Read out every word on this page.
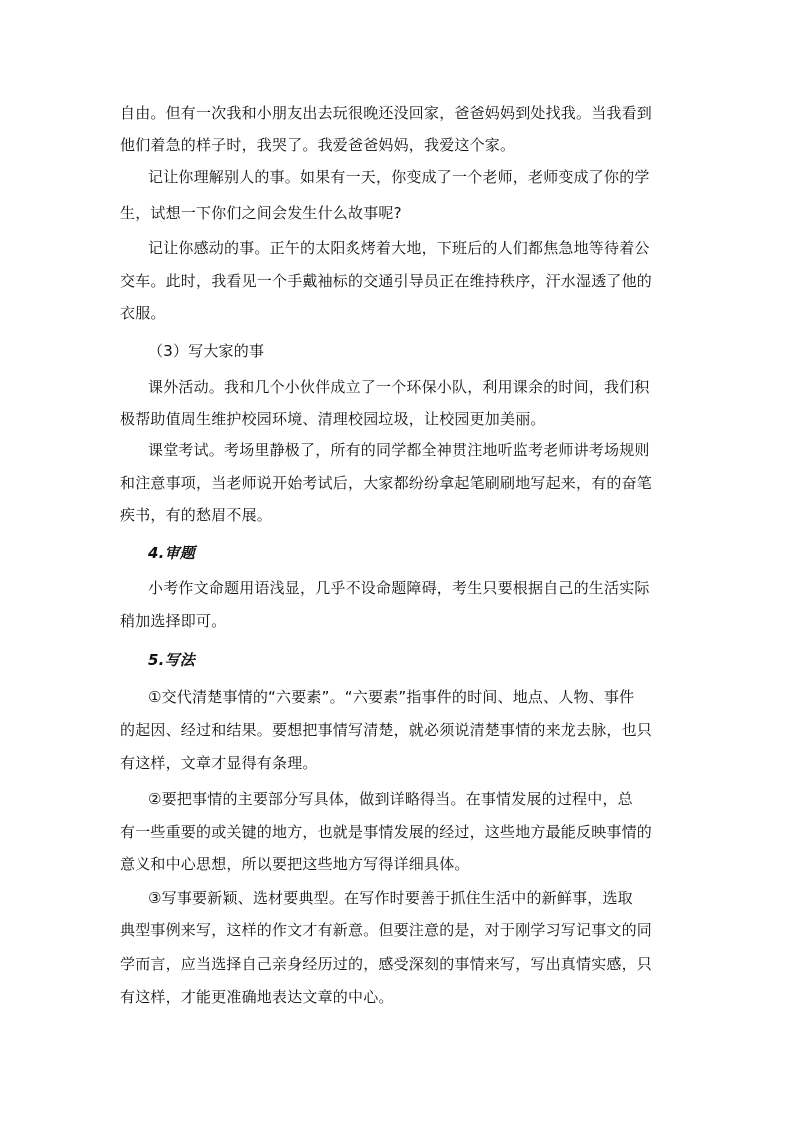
自由。但有一次我和小朋友出去玩很晚还没回家，爸爸妈妈到处找我。当我看到
他们着急的样子时，我哭了。我爱爸爸妈妈，我爱这个家。
记让你理解别人的事。如果有一天，你变成了一个老师，老师变成了你的学
生，试想一下你们之间会发生什么故事呢?
记让你感动的事。正午的太阳炙烤着大地，下班后的人们都焦急地等待着公
交车。此时，我看见一个手戴袖标的交通引导员正在维持秩序，汗水湿透了他的
衣服。
（3）写大家的事
课外活动。我和几个小伙伴成立了一个环保小队，利用课余的时间，我们积
极帮助值周生维护校园环境、清理校园垃圾，让校园更加美丽。
课堂考试。考场里静极了，所有的同学都全神贯注地听监考老师讲考场规则
和注意事项，当老师说开始考试后，大家都纷纷拿起笔刷刷地写起来，有的奋笔
疾书，有的愁眉不展。
4.审题
小考作文命题用语浅显，几乎不设命题障碍，考生只要根据自己的生活实际
稍加选择即可。
5.写法
①交代清楚事情的“六要素”。“六要素”指事件的时间、地点、人物、事件
的起因、经过和结果。要想把事情写清楚，就必须说清楚事情的来龙去脉，也只
有这样，文章才显得有条理。
②要把事情的主要部分写具体，做到详略得当。在事情发展的过程中，总
有一些重要的或关键的地方，也就是事情发展的经过，这些地方最能反映事情的
意义和中心思想，所以要把这些地方写得详细具体。
③写事要新颖、选材要典型。在写作时要善于抓住生活中的新鲜事，选取
典型事例来写，这样的作文才有新意。但要注意的是，对于刚学习写记事文的同
学而言，应当选择自己亲身经历过的，感受深刻的事情来写，写出真情实感，只
有这样，才能更准确地表达文章的中心。
